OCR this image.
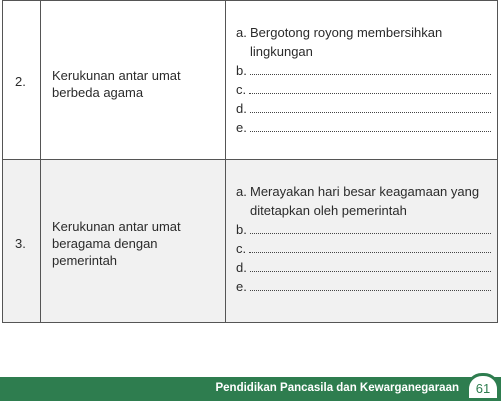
2. Kerukunan antar umat berbeda agama
a. Bergotong royong membersihkan lingkungan
b.
c.
d.
e.
3.
Kerukunan antar umat beragama dengan pemerintah
a. Merayakan hari besar keagamaan yang ditetapkan oleh pemerintah
b.
c.
d.
e.
Pendidikan Pancasila dan Kewarganegaraan	61
